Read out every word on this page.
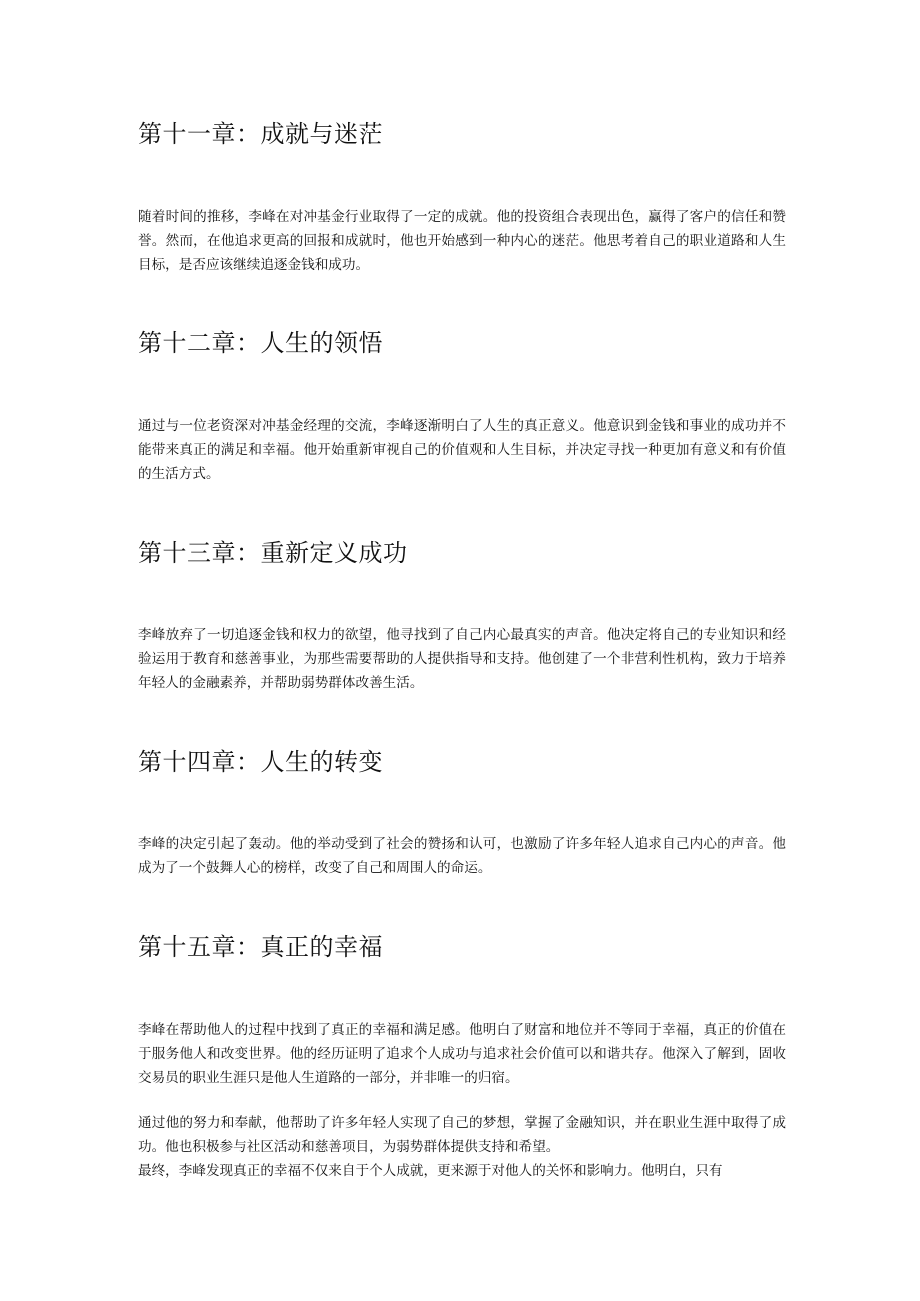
第十一章：成就与迷茫

随着时间的推移，李峰在对冲基金行业取得了一定的成就。他的投资组合表现出色，赢得了客户的信任和赞誉。然而，在他追求更高的回报和成就时，他也开始感到一种内心的迷茫。他思考着自己的职业道路和人生目标，是否应该继续追逐金钱和成功。

第十二章：人生的领悟

通过与一位老资深对冲基金经理的交流，李峰逐渐明白了人生的真正意义。他意识到金钱和事业的成功并不能带来真正的满足和幸福。他开始重新审视自己的价值观和人生目标，并决定寻找一种更加有意义和有价值的生活方式。

第十三章：重新定义成功

李峰放弃了一切追逐金钱和权力的欲望，他寻找到了自己内心最真实的声音。他决定将自己的专业知识和经验运用于教育和慈善事业，为那些需要帮助的人提供指导和支持。他创建了一个非营利性机构，致力于培养年轻人的金融素养，并帮助弱势群体改善生活。

第十四章：人生的转变

李峰的决定引起了轰动。他的举动受到了社会的赞扬和认可，也激励了许多年轻人追求自己内心的声音。他成为了一个鼓舞人心的榜样，改变了自己和周围人的命运。

第十五章：真正的幸福

李峰在帮助他人的过程中找到了真正的幸福和满足感。他明白了财富和地位并不等同于幸福，真正的价值在于服务他人和改变世界。他的经历证明了追求个人成功与追求社会价值可以和谐共存。他深入了解到，固收交易员的职业生涯只是他人生道路的一部分，并非唯一的归宿。

通过他的努力和奉献，他帮助了许多年轻人实现了自己的梦想，掌握了金融知识，并在职业生涯中取得了成功。他也积极参与社区活动和慈善项目，为弱势群体提供支持和希望。

最终，李峰发现真正的幸福不仅来自于个人成就，更来源于对他人的关怀和影响力。他明白，只有
